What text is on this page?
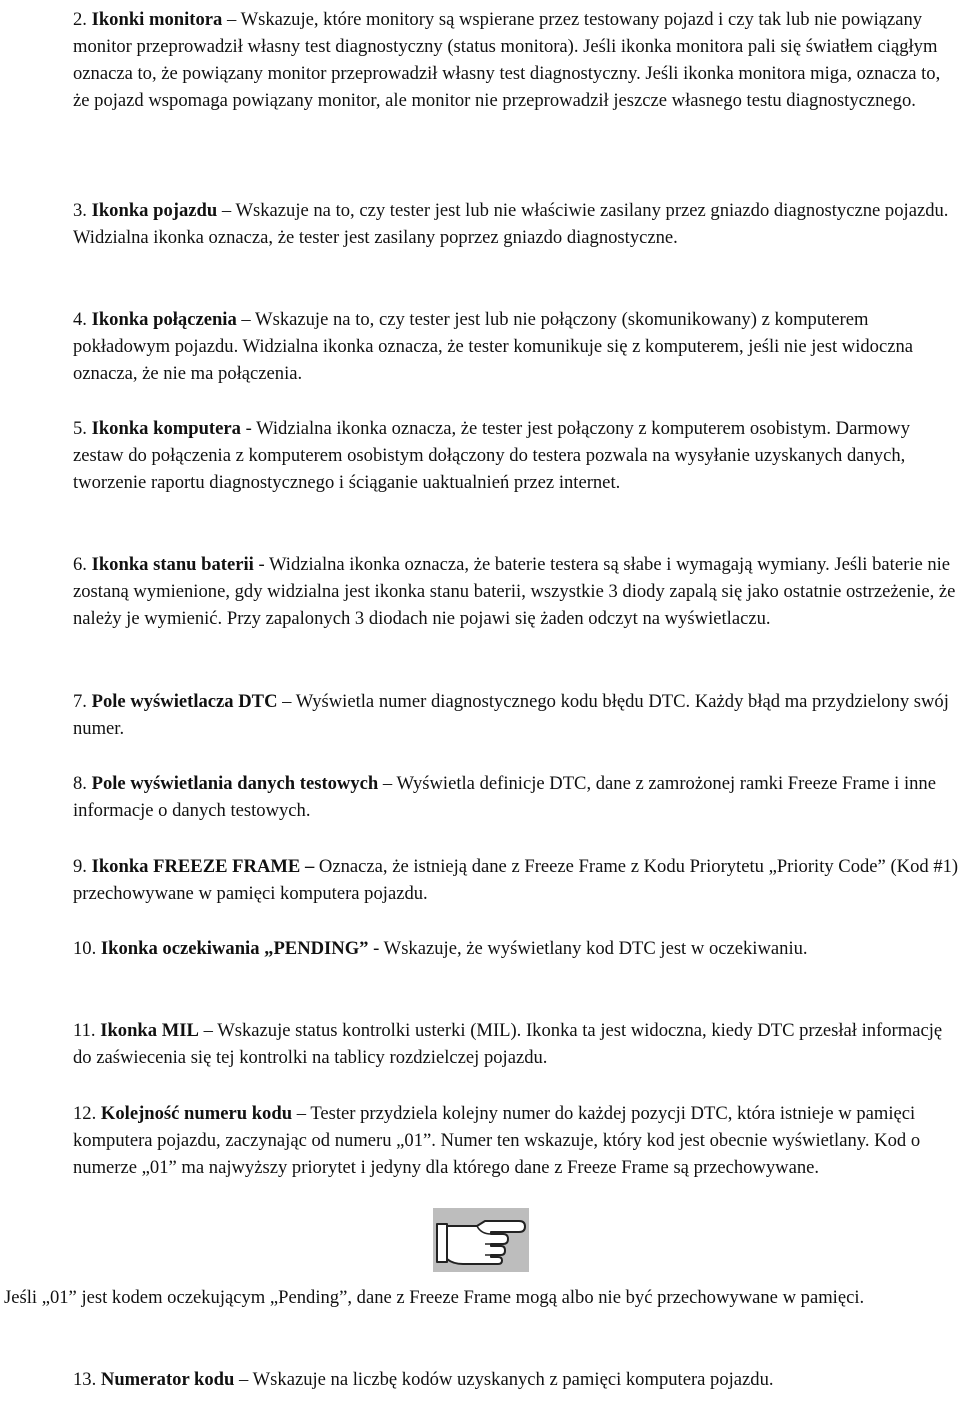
2. Ikonki monitora – Wskazuje, które monitory są wspierane przez testowany pojazd i czy tak lub nie powiązany monitor przeprowadził własny test diagnostyczny (status monitora). Jeśli ikonka monitora pali się światłem ciągłym oznacza to, że powiązany monitor przeprowadził własny test diagnostyczny. Jeśli ikonka monitora miga, oznacza to, że pojazd wspomaga powiązany monitor, ale monitor nie przeprowadził jeszcze własnego testu diagnostycznego.

3. Ikonka pojazdu – Wskazuje na to, czy tester jest lub nie właściwie zasilany przez gniazdo diagnostyczne pojazdu. Widzialna ikonka oznacza, że tester jest zasilany poprzez gniazdo diagnostyczne.

4. Ikonka połączenia – Wskazuje na to, czy tester jest lub nie połączony (skomunikowany) z komputerem pokładowym pojazdu. Widzialna ikonka oznacza, że tester komunikuje się z komputerem, jeśli nie jest widoczna oznacza, że nie ma połączenia.

5. Ikonka komputera - Widzialna ikonka oznacza, że tester jest połączony z komputerem osobistym. Darmowy zestaw do połączenia z komputerem osobistym dołączony do testera pozwala na wysyłanie uzyskanych danych, tworzenie raportu diagnostycznego i ściąganie uaktualnień przez internet.

6. Ikonka stanu baterii - Widzialna ikonka oznacza, że baterie testera są słabe i wymagają wymiany. Jeśli baterie nie zostaną wymienione, gdy widzialna jest ikonka stanu baterii, wszystkie 3 diody zapalą się jako ostatnie ostrzeżenie, że należy je wymienić. Przy zapalonych 3 diodach nie pojawi się żaden odczyt na wyświetlaczu.

7. Pole wyświetlacza DTC – Wyświetla numer diagnostycznego kodu błędu DTC. Każdy błąd ma przydzielony swój numer.

8. Pole wyświetlania danych testowych – Wyświetla definicje DTC, dane z zamrożonej ramki Freeze Frame i inne informacje o danych testowych.

9. Ikonka FREEZE FRAME – Oznacza, że istnieją dane z Freeze Frame z Kodu Priorytetu „Priority Code” (Kod #1) przechowywane w pamięci komputera pojazdu.

10. Ikonka oczekiwania „PENDING” - Wskazuje, że wyświetlany kod DTC jest w oczekiwaniu.

11. Ikonka MIL – Wskazuje status kontrolki usterki (MIL). Ikonka ta jest widoczna, kiedy DTC przesłał informację do zaświecenia się tej kontrolki na tablicy rozdzielczej pojazdu.

12. Kolejność numeru kodu – Tester przydziela kolejny numer do każdej pozycji DTC, która istnieje w pamięci komputera pojazdu, zaczynając od numeru „01”. Numer ten wskazuje, który kod jest obecnie wyświetlany. Kod o numerze „01” ma najwyższy priorytet i jedyny dla którego dane z Freeze Frame są przechowywane.

Jeśli „01” jest kodem oczekującym „Pending”, dane z Freeze Frame mogą albo nie być przechowywane w pamięci.

13. Numerator kodu – Wskazuje na liczbę kodów uzyskanych z pamięci komputera pojazdu.
